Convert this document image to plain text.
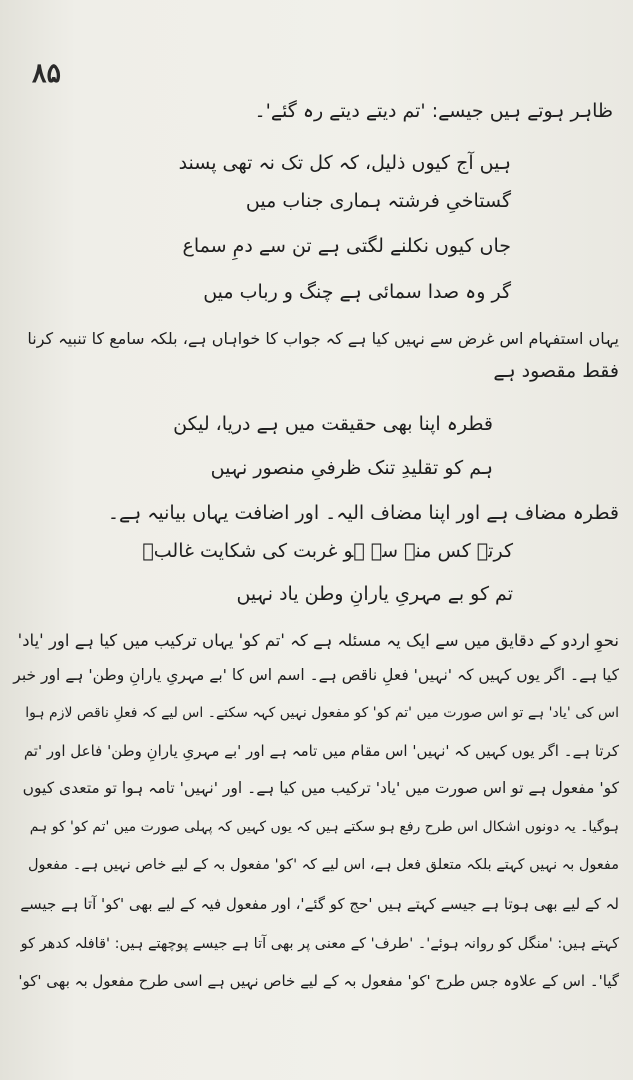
۸۵
ظاہر ہوتے ہیں جیسے: 'تم دیتے دیتے رہ گئے'۔
ہیں آج کیوں ذلیل، کہ کل تک نہ تھی پسند
گستاخیِ فرشتہ ہماری جناب میں
جاں کیوں نکلنے لگتی ہے تن سے دمِ سماع
گر وہ صدا سمائی ہے چنگ و رباب میں
یہاں استفہام اس غرض سے نہیں کیا ہے کہ جواب کا خواہاں ہے، بلکہ سامع کا تنبیہ کرنا
فقط مقصود ہے
قطرہ اپنا بھی حقیقت میں ہے دریا، لیکن
ہم کو تقلیدِ تنک ظرفیِ منصور نہیں
قطرہ مضاف ہے اور اپنا مضاف الیہ۔ اور اضافت یہاں بیانیہ ہے۔
کرتے کس منہ سے ہو غربت کی شکایت غالبؔ
تم کو بے مہریِ یارانِ وطن یاد نہیں
نحوِ اردو کے دقایق میں سے ایک یہ مسئلہ ہے کہ 'تم کو' یہاں ترکیب میں کیا ہے اور 'یاد'
کیا ہے۔ اگر یوں کہیں کہ 'نہیں' فعلِ ناقص ہے۔ اسم اس کا 'بے مہریِ یارانِ وطن' ہے اور خبر
اس کی 'یاد' ہے تو اس صورت میں 'تم کو' کو مفعول نہیں کہہ سکتے۔ اس لیے کہ فعلِ ناقص لازم ہوا
کرتا ہے۔ اگر یوں کہیں کہ 'نہیں' اس مقام میں تامہ ہے اور 'بے مہریِ یارانِ وطن' فاعل اور 'تم
کو' مفعول ہے تو اس صورت میں 'یاد' ترکیب میں کیا ہے۔ اور 'نہیں' تامہ ہوا تو متعدی کیوں
ہوگیا۔ یہ دونوں اشکال اس طرح رفع ہو سکتے ہیں کہ یوں کہیں کہ پہلی صورت میں 'تم کو' کو ہم
مفعول بہ نہیں کہتے بلکہ متعلق فعل ہے، اس لیے کہ 'کو' مفعول بہ کے لیے خاص نہیں ہے۔ مفعول
لہ کے لیے بھی ہوتا ہے جیسے کہتے ہیں 'حج کو گئے'، اور مفعول فیہ کے لیے بھی 'کو' آتا ہے جیسے
کہتے ہیں: 'منگل کو روانہ ہوئے'۔ 'طرف' کے معنی پر بھی آتا ہے جیسے پوچھتے ہیں: 'قافلہ کدھر کو
گیا'۔ اس کے علاوہ جس طرح 'کو' مفعول بہ کے لیے خاص نہیں ہے اسی طرح مفعول بہ بھی 'کو'
